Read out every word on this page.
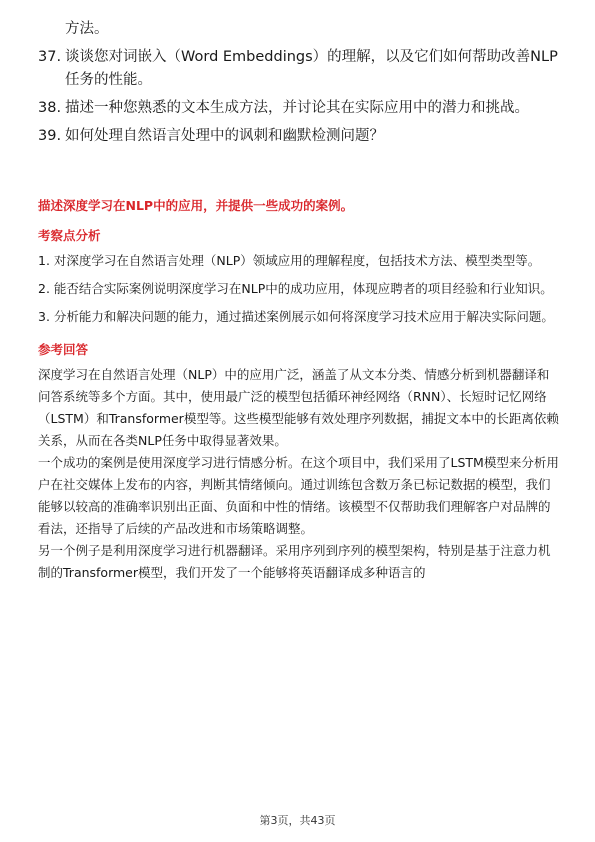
方法。
37. 谈谈您对词嵌入（Word Embeddings）的理解，以及它们如何帮助改善NLP任务的性能。
38. 描述一种您熟悉的文本生成方法，并讨论其在实际应用中的潜力和挑战。
39. 如何处理自然语言处理中的讽刺和幽默检测问题？

描述深度学习在NLP中的应用，并提供一些成功的案例。

考察点分析

1. 对深度学习在自然语言处理（NLP）领域应用的理解程度，包括技术方法、模型类型等。

2. 能否结合实际案例说明深度学习在NLP中的成功应用，体现应聘者的项目经验和行业知识。

3. 分析能力和解决问题的能力，通过描述案例展示如何将深度学习技术应用于解决实际问题。

参考回答

深度学习在自然语言处理（NLP）中的应用广泛，涵盖了从文本分类、情感分析到机器翻译和问答系统等多个方面。其中，使用最广泛的模型包括循环神经网络（RNN）、长短时记忆网络（LSTM）和Transformer模型等。这些模型能够有效处理序列数据，捕捉文本中的长距离依赖关系，从而在各类NLP任务中取得显著效果。

一个成功的案例是使用深度学习进行情感分析。在这个项目中，我们采用了LSTM模型来分析用户在社交媒体上发布的内容，判断其情绪倾向。通过训练包含数万条已标记数据的模型，我们能够以较高的准确率识别出正面、负面和中性的情绪。该模型不仅帮助我们理解客户对品牌的看法，还指导了后续的产品改进和市场策略调整。

另一个例子是利用深度学习进行机器翻译。采用序列到序列的模型架构，特别是基于注意力机制的Transformer模型，我们开发了一个能够将英语翻译成多种语言的

第3页，共43页
